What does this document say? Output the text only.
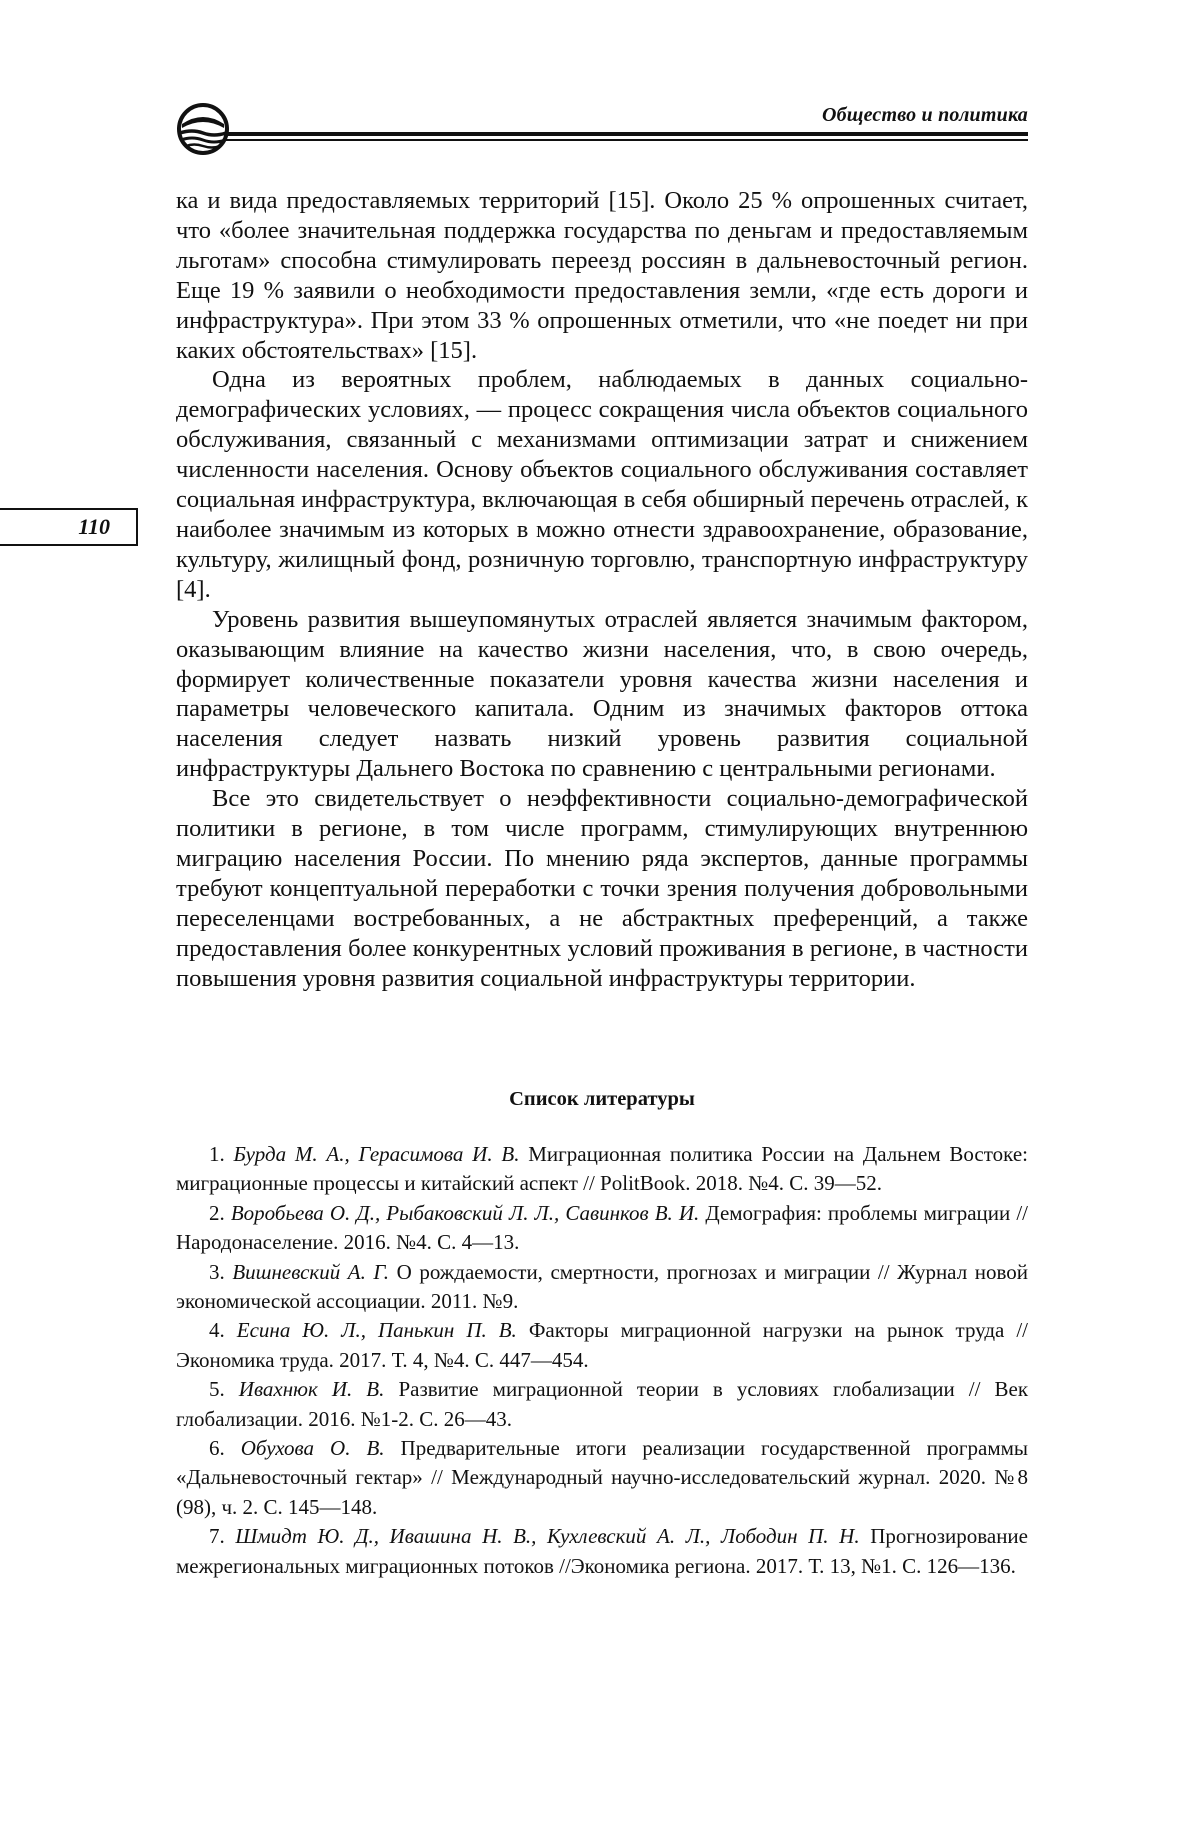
Общество и политика
110

ка и вида предоставляемых территорий [15]. Около 25 % опрошенных считает, что «более значительная поддержка государства по деньгам и предоставляемым льготам» способна стимулировать переезд россиян в дальневосточный регион. Еще 19 % заявили о необходимости предоставления земли, «где есть дороги и инфраструктура». При этом 33 % опрошенных отметили, что «не поедет ни при каких обстоятельствах» [15].

Одна из вероятных проблем, наблюдаемых в данных социально-демографических условиях, — процесс сокращения числа объектов социального обслуживания, связанный с механизмами оптимизации затрат и снижением численности населения. Основу объектов социального обслуживания составляет социальная инфраструктура, включающая в себя обширный перечень отраслей, к наиболее значимым из которых в можно отнести здравоохранение, образование, культуру, жилищный фонд, розничную торговлю, транспортную инфраструктуру [4].

Уровень развития вышеупомянутых отраслей является значимым фактором, оказывающим влияние на качество жизни населения, что, в свою очередь, формирует количественные показатели уровня качества жизни населения и параметры человеческого капитала. Одним из значимых факторов оттока населения следует назвать низкий уровень развития социальной инфраструктуры Дальнего Востока по сравнению с центральными регионами.

Все это свидетельствует о неэффективности социально-демографической политики в регионе, в том числе программ, стимулирующих внутреннюю миграцию населения России. По мнению ряда экспертов, данные программы требуют концептуальной переработки с точки зрения получения добровольными переселенцами востребованных, а не абстрактных преференций, а также предоставления более конкурентных условий проживания в регионе, в частности повышения уровня развития социальной инфраструктуры территории.

Список литературы

1. Бурда М. А., Герасимова И. В. Миграционная политика России на Дальнем Востоке: миграционные процессы и китайский аспект // PolitBook. 2018. №4. С. 39—52.

2. Воробьева О. Д., Рыбаковский Л. Л., Савинков В. И. Демография: проблемы миграции // Народонаселение. 2016. №4. С. 4—13.

3. Вишневский А. Г. О рождаемости, смертности, прогнозах и миграции // Журнал новой экономической ассоциации. 2011. №9.

4. Есина Ю. Л., Панькин П. В. Факторы миграционной нагрузки на рынок труда // Экономика труда. 2017. Т. 4, №4. С. 447—454.

5. Ивахнюк И. В. Развитие миграционной теории в условиях глобализации // Век глобализации. 2016. №1-2. С. 26—43.

6. Обухова О. В. Предварительные итоги реализации государственной программы «Дальневосточный гектар» // Международный научно-исследовательский журнал. 2020. №8 (98), ч. 2. С. 145—148.

7. Шмидт Ю. Д., Ивашина Н. В., Кухлевский А. Л., Лободин П. Н. Прогнозирование межрегиональных миграционных потоков //Экономика региона. 2017. Т. 13, №1. С. 126—136.
